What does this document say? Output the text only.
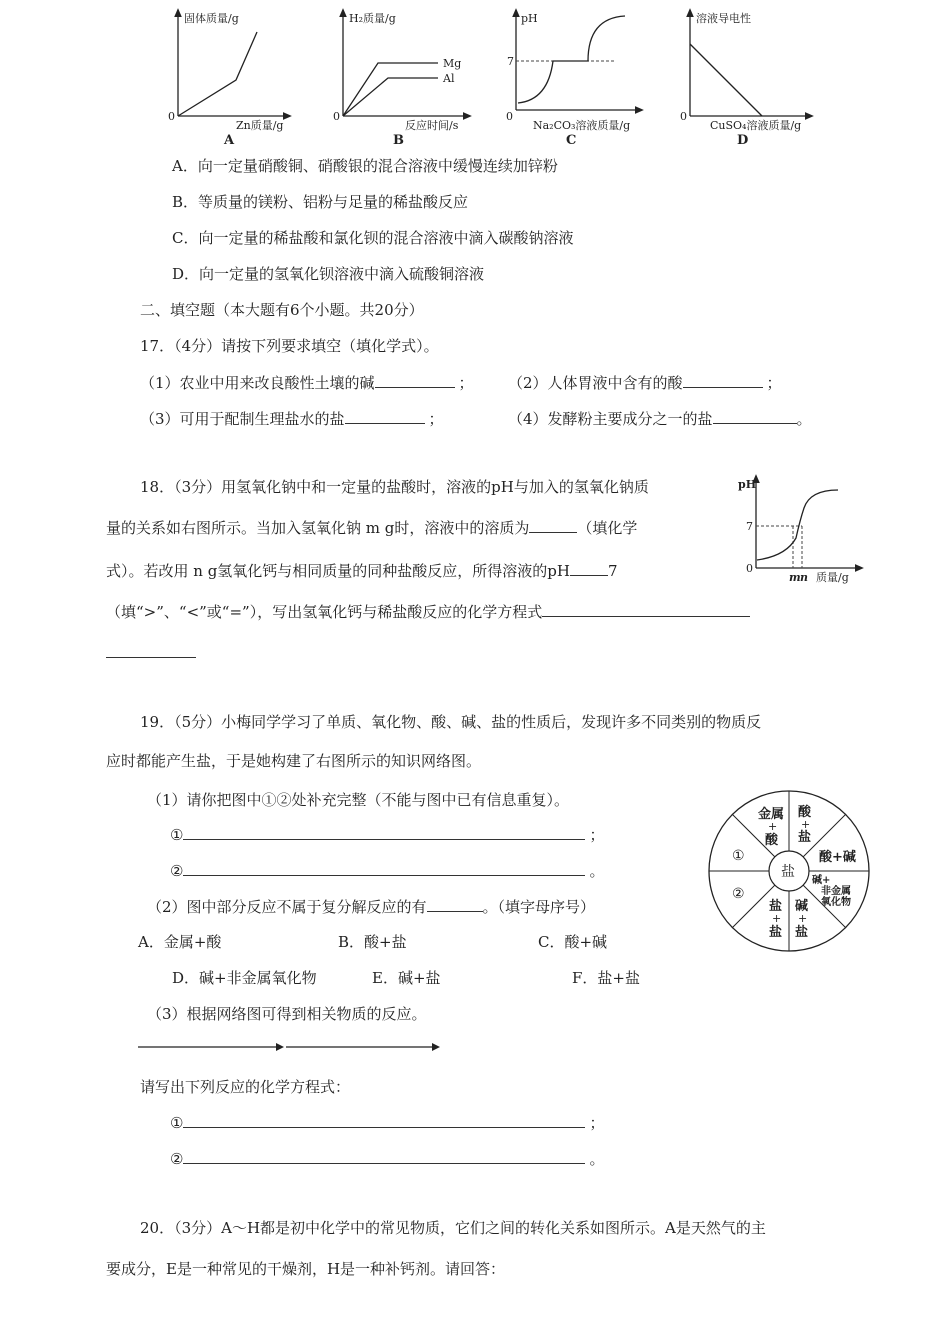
固体质量/g
0
Zn质量/g
A
H₂质量/g
0
Mg
Al
反应时间/s
B
pH
7
0
Na₂CO₃溶液质量/g
C
溶液导电性
0
CuSO₄溶液质量/g
D
A．向一定量硝酸铜、硝酸银的混合溶液中缓慢连续加锌粉
B．等质量的镁粉、铝粉与足量的稀盐酸反应
C．向一定量的稀盐酸和氯化钡的混合溶液中滴入碳酸钠溶液
D．向一定量的氢氧化钡溶液中滴入硫酸铜溶液
二、填空题（本大题有6个小题。共20分）
17．（4分）请按下列要求填空（填化学式）。
（1）农业中用来改良酸性土壤的碱	； （2）人体胃液中含有的酸	；
（3）可用于配制生理盐水的盐	；	（4）发酵粉主要成分之一的盐	。
18．（3分）用氢氧化钠中和一定量的盐酸时，溶液的pH与加入的氢氧化钠质
量的关系如右图所示。当加入氢氧化钠 m g时，溶液中的溶质为	（填化学
式）。若改用 n g氢氧化钙与相同质量的同种盐酸反应，所得溶液的pH	7
（填“>”、“<”或“=”），写出氢氧化钙与稀盐酸反应的化学方程式
pH
7
0
m n 质量/g
19．（5分）小梅同学学习了单质、氧化物、酸、碱、盐的性质后，发现许多不同类别的物质反
应时都能产生盐，于是她构建了右图所示的知识网络图。
（1）请你把图中①②处补充完整（不能与图中已有信息重复）。
①	；
②	。
（2）图中部分反应不属于复分解反应的有	。（填字母序号）
A．金属+酸	B．酸+盐	C．酸+碱
D．碱+非金属氧化物	E．碱+盐	F．盐+盐
（3）根据网络图可得到相关物质的反应。
请写出下列反应的化学方程式：
①	；
②	。
盐
金属
+
酸
酸
+
盐
酸+碱
碱+
非金属
氧化物
碱
+
盐
盐
+
盐
①
②
20．（3分）A～H都是初中化学中的常见物质，它们之间的转化关系如图所示。A是天然气的主
要成分，E是一种常见的干燥剂，H是一种补钙剂。请回答：
